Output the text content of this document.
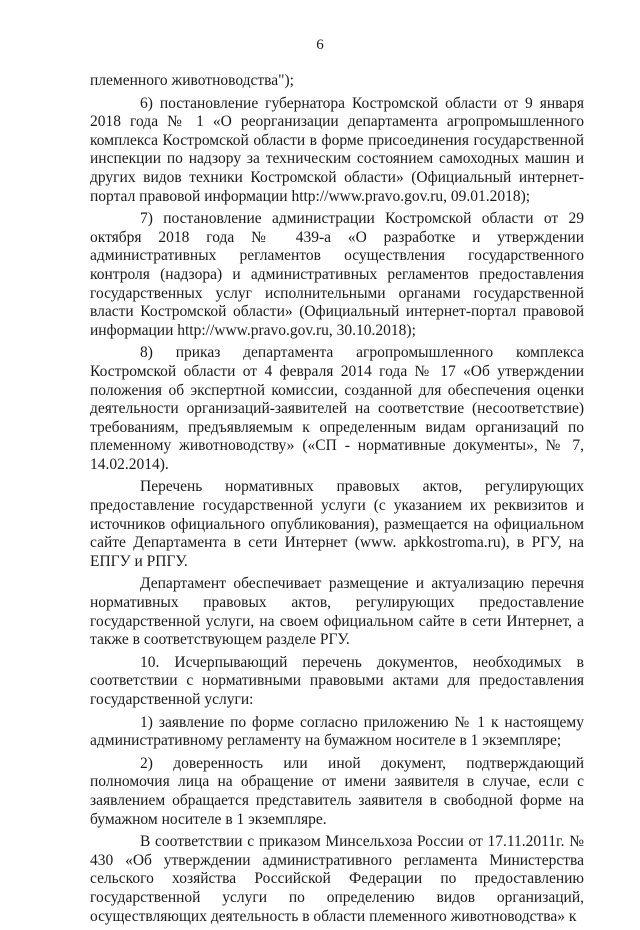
6

племенного животноводства");

6) постановление губернатора Костромской области от 9 января 2018 года № 1 «О реорганизации департамента агропромышленного комплекса Костромской области в форме присоединения государственной инспекции по надзору за техническим состоянием самоходных машин и других видов техники Костромской области» (Официальный интернет-портал правовой информации http://www.pravo.gov.ru, 09.01.2018);

7) постановление администрации Костромской области от 29 октября 2018 года № 439-а «О разработке и утверждении административных регламентов осуществления государственного контроля (надзора) и административных регламентов предоставления государственных услуг исполнительными органами государственной власти Костромской области» (Официальный интернет-портал правовой информации http://www.pravo.gov.ru, 30.10.2018);

8) приказ департамента агропромышленного комплекса Костромской области от 4 февраля 2014 года № 17 «Об утверждении положения об экспертной комиссии, созданной для обеспечения оценки деятельности организаций-заявителей на соответствие (несоответствие) требованиям, предъявляемым к определенным видам организаций по племенному животноводству» («СП - нормативные документы», № 7, 14.02.2014).

Перечень нормативных правовых актов, регулирующих предоставление государственной услуги (с указанием их реквизитов и источников официального опубликования), размещается на официальном сайте Департамента в сети Интернет (www. apkkostroma.ru), в РГУ, на ЕПГУ и РПГУ.

Департамент обеспечивает размещение и актуализацию перечня нормативных правовых актов, регулирующих предоставление государственной услуги, на своем официальном сайте в сети Интернет, а также в соответствующем разделе РГУ.

10. Исчерпывающий перечень документов, необходимых в соответствии с нормативными правовыми актами для предоставления государственной услуги:

1) заявление по форме согласно приложению № 1 к настоящему административному регламенту на бумажном носителе в 1 экземпляре;

2) доверенность или иной документ, подтверждающий полномочия лица на обращение от имени заявителя в случае, если с заявлением обращается представитель заявителя в свободной форме на бумажном носителе в 1 экземпляре.

В соответствии с приказом Минсельхоза России от 17.11.2011г. № 430 «Об утверждении административного регламента Министерства сельского хозяйства Российской Федерации по предоставлению государственной услуги по определению видов организаций, осуществляющих деятельность в области племенного животноводства» к
